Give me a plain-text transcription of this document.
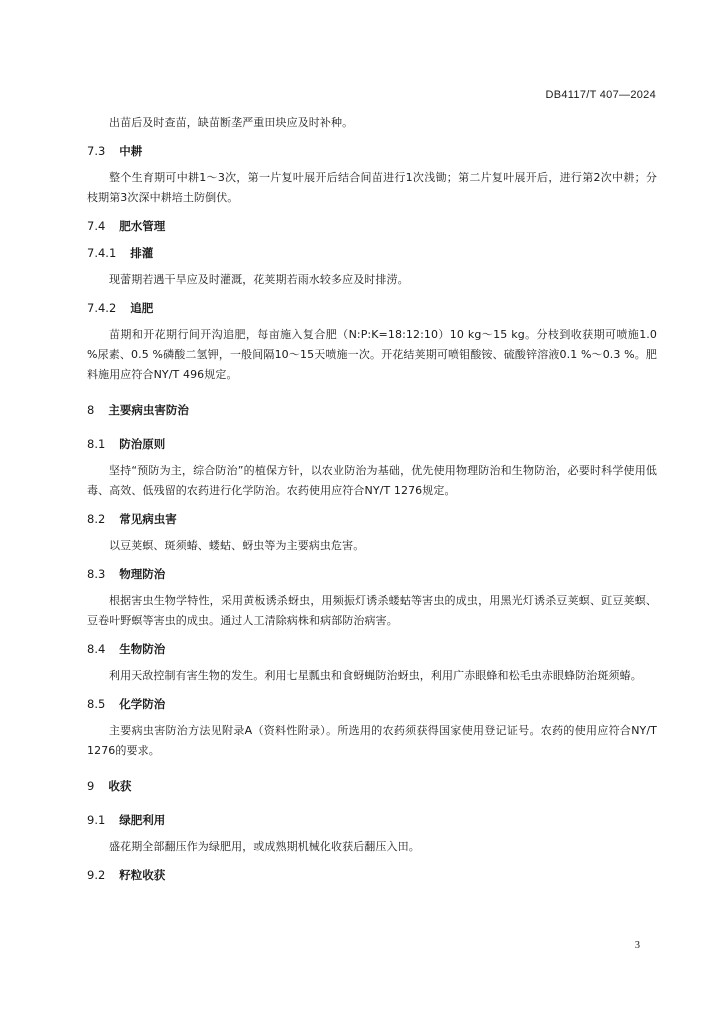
DB4117/T 407—2024

出苗后及时查苗，缺苗断垄严重田块应及时补种。

7.3 中耕

整个生育期可中耕1～3次，第一片复叶展开后结合间苗进行1次浅锄；第二片复叶展开后，进行第2次中耕；分枝期第3次深中耕培土防倒伏。

7.4 肥水管理
7.4.1 排灌

现蕾期若遇干旱应及时灌溉，花荚期若雨水较多应及时排涝。

7.4.2 追肥

苗期和开花期行间开沟追肥，每亩施入复合肥（N:P:K=18:12:10）10 kg～15 kg。分枝到收获期可喷施1.0 %尿素、0.5 %磷酸二氢钾，一般间隔10～15天喷施一次。开花结荚期可喷钼酸铵、硫酸锌溶液0.1 %～0.3 %。肥料施用应符合NY/T 496规定。

8 主要病虫害防治
8.1 防治原则

坚持“预防为主，综合防治”的植保方针，以农业防治为基础，优先使用物理防治和生物防治，必要时科学使用低毒、高效、低残留的农药进行化学防治。农药使用应符合NY/T 1276规定。

8.2 常见病虫害

以豆荚螟、斑须蝽、蝼蛄、蚜虫等为主要病虫危害。

8.3 物理防治

根据害虫生物学特性，采用黄板诱杀蚜虫，用频振灯诱杀蝼蛄等害虫的成虫，用黑光灯诱杀豆荚螟、豇豆荚螟、豆卷叶野螟等害虫的成虫。通过人工清除病株和病部防治病害。

8.4 生物防治

利用天敌控制有害生物的发生。利用七星瓢虫和食蚜蝇防治蚜虫，利用广赤眼蜂和松毛虫赤眼蜂防治斑须蝽。

8.5 化学防治

主要病虫害防治方法见附录A（资料性附录）。所选用的农药须获得国家使用登记证号。农药的使用应符合NY/T 1276的要求。

9 收获
9.1 绿肥利用

盛花期全部翻压作为绿肥用，或成熟期机械化收获后翻压入田。

9.2 籽粒收获
3
